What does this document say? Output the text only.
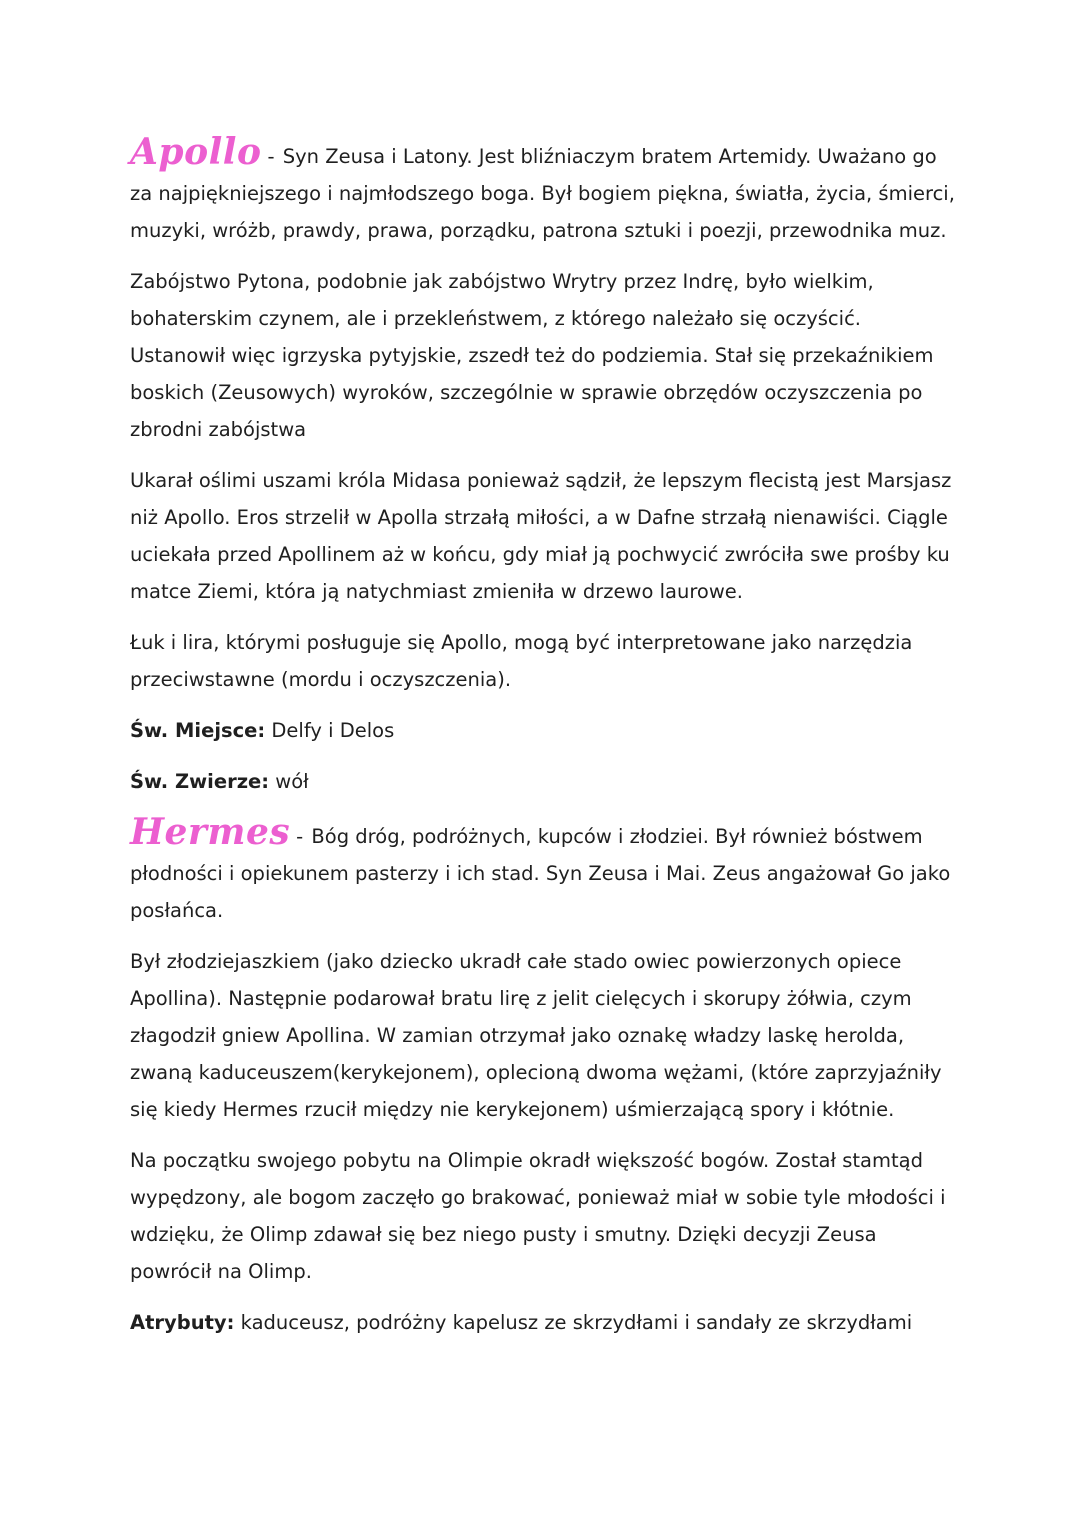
Apollo - Syn Zeusa i Latony. Jest bliźniaczym bratem Artemidy. Uważano go za najpiękniejszego i najmłodszego boga. Był bogiem piękna, światła, życia, śmierci, muzyki, wróżb, prawdy, prawa, porządku, patrona sztuki i poezji, przewodnika muz.

Zabójstwo Pytona, podobnie jak zabójstwo Wrytry przez Indrę, było wielkim, bohaterskim czynem, ale i przekleństwem, z którego należało się oczyścić. Ustanowił więc igrzyska pytyjskie, zszedł też do podziemia. Stał się przekaźnikiem boskich (Zeusowych) wyroków, szczególnie w sprawie obrzędów oczyszczenia po zbrodni zabójstwa

Ukarał oślimi uszami króla Midasa ponieważ sądził, że lepszym flecistą jest Marsjasz niż Apollo. Eros strzelił w Apolla strzałą miłości, a w Dafne strzałą nienawiści. Ciągle uciekała przed Apollinem aż w końcu, gdy miał ją pochwycić zwróciła swe prośby ku matce Ziemi, która ją natychmiast zmieniła w drzewo laurowe.

Łuk i lira, którymi posługuje się Apollo, mogą być interpretowane jako narzędzia przeciwstawne (mordu i oczyszczenia).

Św. Miejsce: Delfy i Delos

Św. Zwierze: wół

Hermes - Bóg dróg, podróżnych, kupców i złodziei. Był również bóstwem płodności i opiekunem pasterzy i ich stad. Syn Zeusa i Mai. Zeus angażował Go jako posłańca.

Był złodziejaszkiem (jako dziecko ukradł całe stado owiec powierzonych opiece Apollina). Następnie podarował bratu lirę z jelit cielęcych i skorupy żółwia, czym złagodził gniew Apollina. W zamian otrzymał jako oznakę władzy laskę herolda, zwaną kaduceuszem(kerykejonem), oplecioną dwoma wężami, (które zaprzyjaźniły się kiedy Hermes rzucił między nie kerykejonem) uśmierzającą spory i kłótnie.

Na początku swojego pobytu na Olimpie okradł większość bogów. Został stamtąd wypędzony, ale bogom zaczęło go brakować, ponieważ miał w sobie tyle młodości i wdzięku, że Olimp zdawał się bez niego pusty i smutny. Dzięki decyzji Zeusa powrócił na Olimp.

Atrybuty: kaduceusz, podróżny kapelusz ze skrzydłami i sandały ze skrzydłami
